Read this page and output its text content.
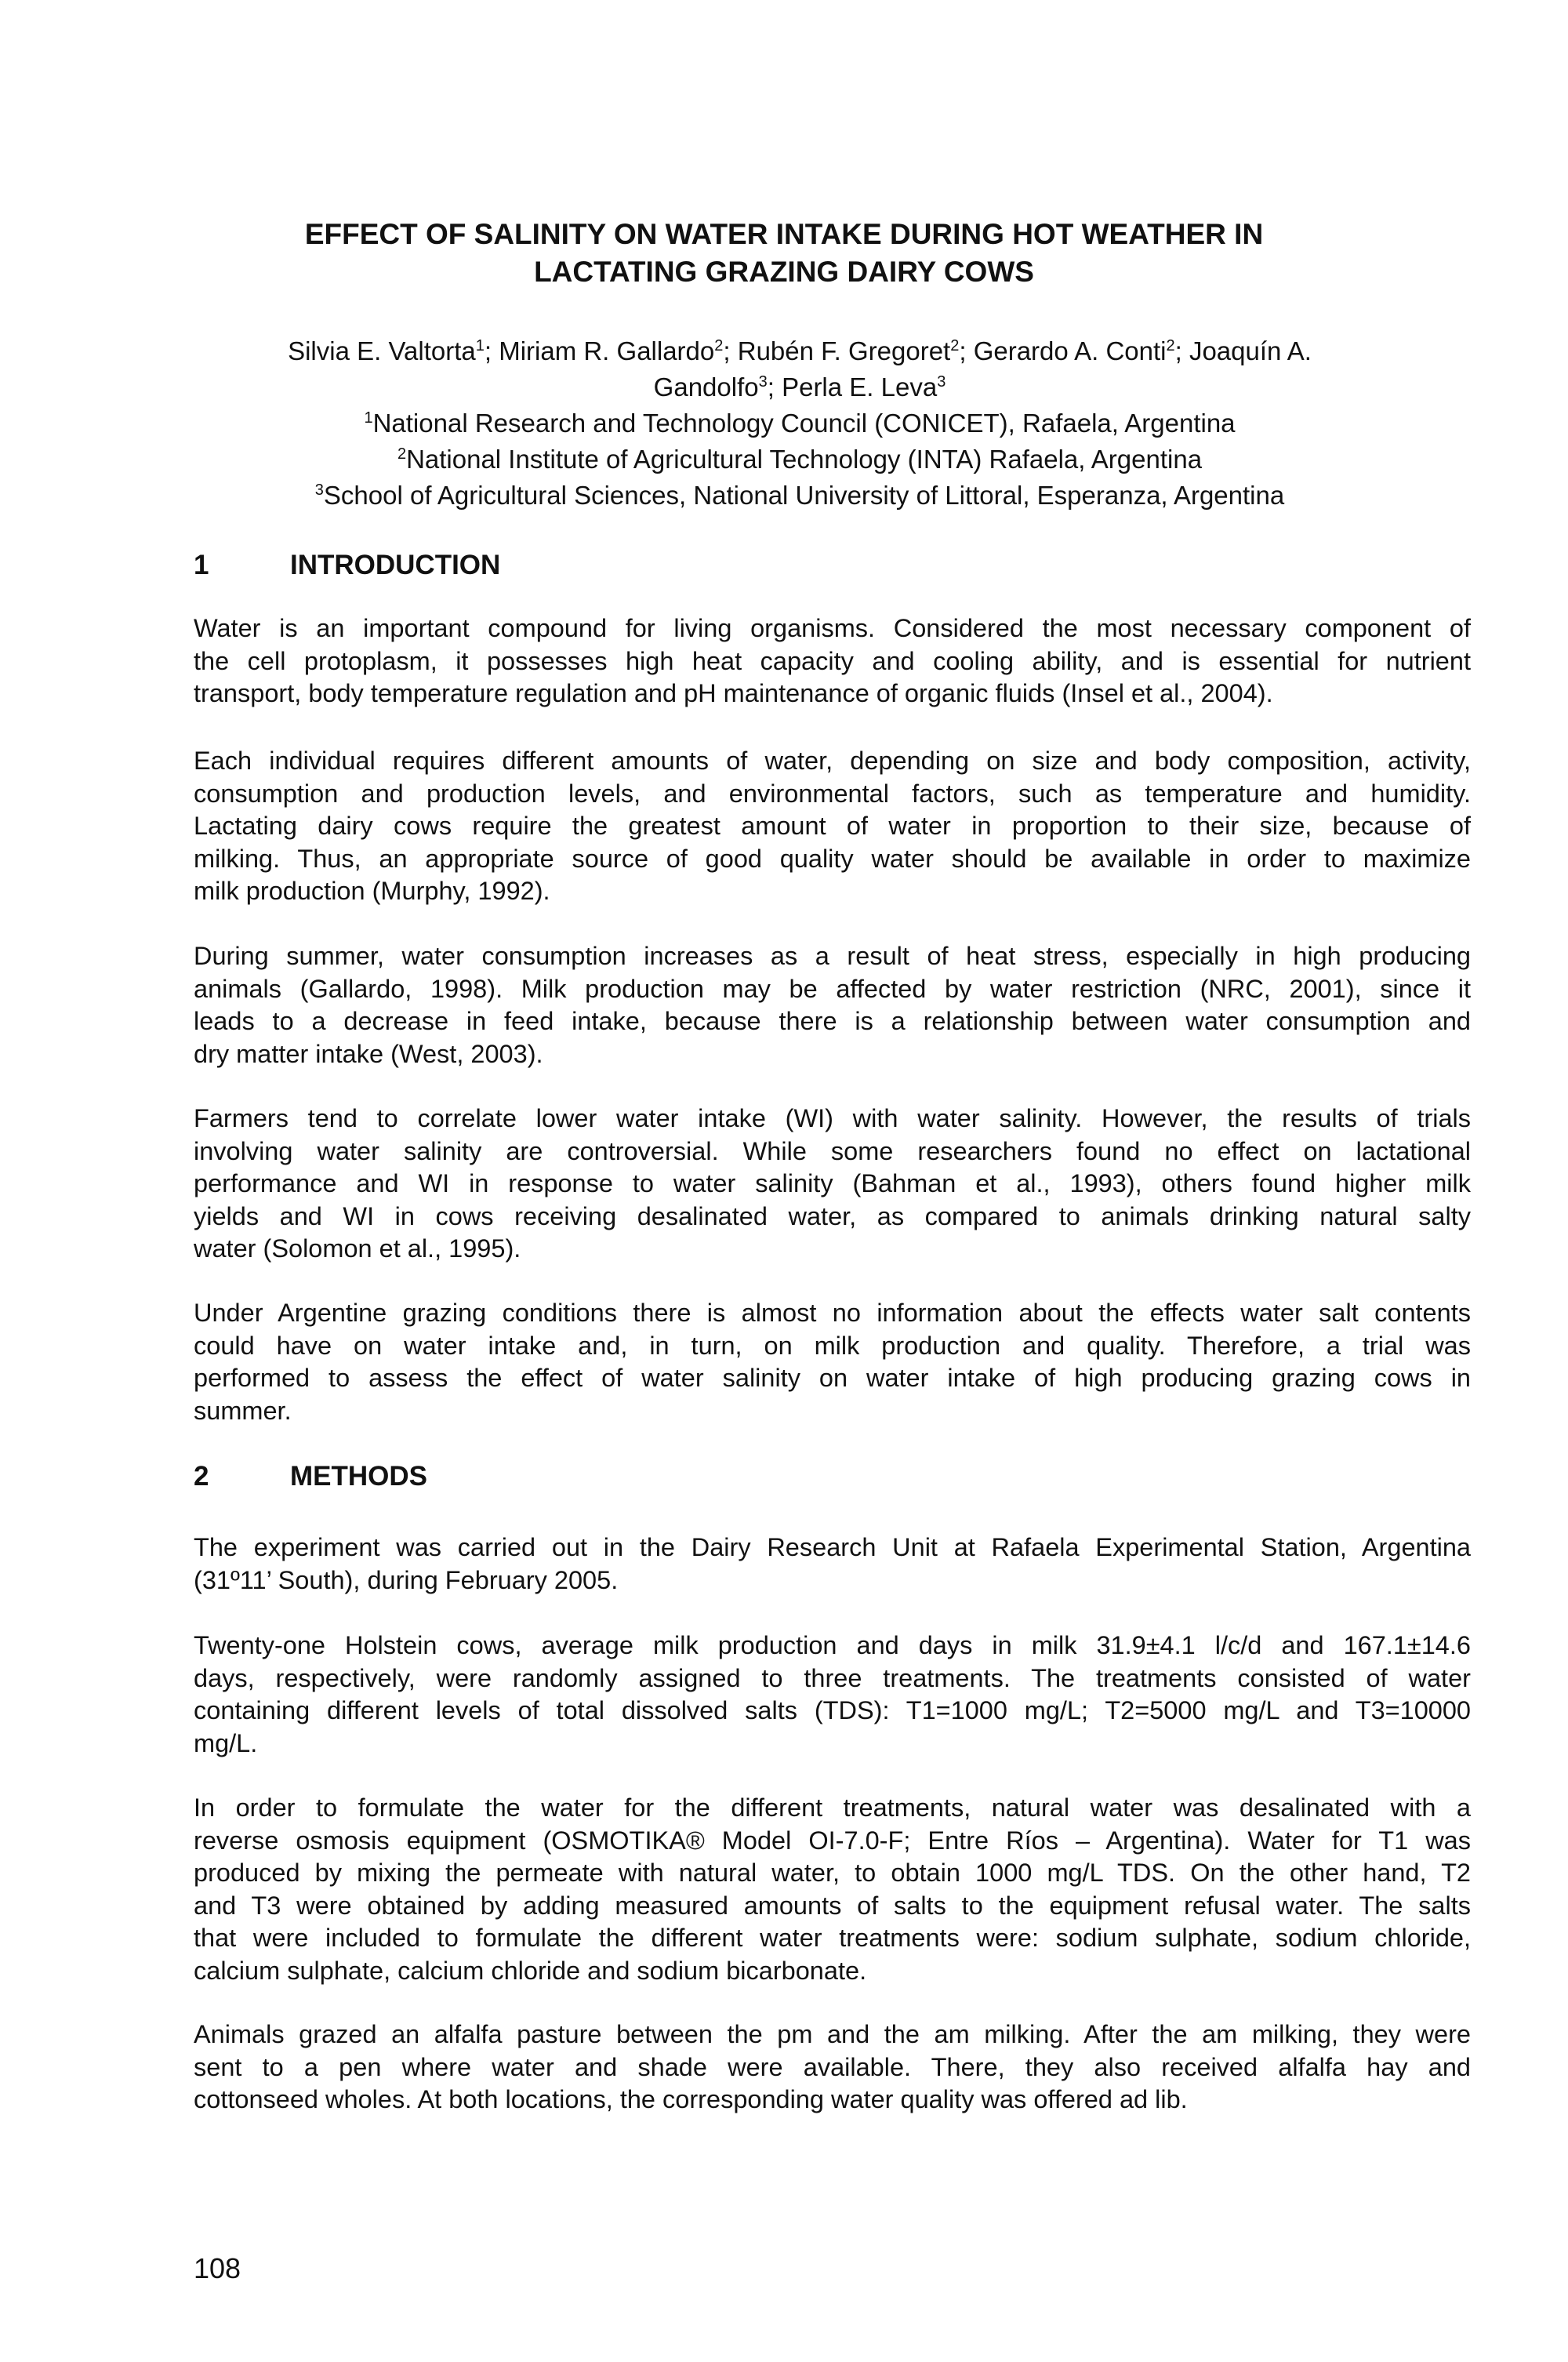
EFFECT OF SALINITY ON WATER INTAKE DURING HOT WEATHER IN
LACTATING GRAZING DAIRY COWS
Silvia E. Valtorta$^1$; Miriam R. Gallardo$^2$; Rubén F. Gregoret$^2$; Gerardo A. Conti$^2$; Joaquín A.
Gandolfo$^3$; Perla E. Leva$^3$
$^1$National Research and Technology Council (CONICET), Rafaela, Argentina
$^2$National Institute of Agricultural Technology (INTA) Rafaela, Argentina
$^3$School of Agricultural Sciences, National University of Littoral, Esperanza, Argentina
1	INTRODUCTION
Water is an important compound for living organisms. Considered the most necessary component of
the cell protoplasm, it possesses high heat capacity and cooling ability, and is essential for nutrient
transport, body temperature regulation and pH maintenance of organic fluids (Insel et al., 2004).
Each individual requires different amounts of water, depending on size and body composition, activity,
consumption and production levels, and environmental factors, such as temperature and humidity.
Lactating dairy cows require the greatest amount of water in proportion to their size, because of
milking. Thus, an appropriate source of good quality water should be available in order to maximize
milk production (Murphy, 1992).
During summer, water consumption increases as a result of heat stress, especially in high producing
animals (Gallardo, 1998). Milk production may be affected by water restriction (NRC, 2001), since it
leads to a decrease in feed intake, because there is a relationship between water consumption and
dry matter intake (West, 2003).
Farmers tend to correlate lower water intake (WI) with water salinity. However, the results of trials
involving water salinity are controversial. While some researchers found no effect on lactational
performance and WI in response to water salinity (Bahman et al., 1993), others found higher milk
yields and WI in cows receiving desalinated water, as compared to animals drinking natural salty
water (Solomon et al., 1995).
Under Argentine grazing conditions there is almost no information about the effects water salt contents
could have on water intake and, in turn, on milk production and quality. Therefore, a trial was
performed to assess the effect of water salinity on water intake of high producing grazing cows in
summer.
2	METHODS
The experiment was carried out in the Dairy Research Unit at Rafaela Experimental Station, Argentina
(31º11’ South), during February 2005.
Twenty-one Holstein cows, average milk production and days in milk 31.9±4.1 l/c/d and 167.1±14.6
days, respectively, were randomly assigned to three treatments. The treatments consisted of water
containing different levels of total dissolved salts (TDS): T1=1000 mg/L; T2=5000 mg/L and T3=10000
mg/L.
In order to formulate the water for the different treatments, natural water was desalinated with a
reverse osmosis equipment (OSMOTIKA® Model OI-7.0-F; Entre Ríos – Argentina). Water for T1 was
produced by mixing the permeate with natural water, to obtain 1000 mg/L TDS. On the other hand, T2
and T3 were obtained by adding measured amounts of salts to the equipment refusal water. The salts
that were included to formulate the different water treatments were: sodium sulphate, sodium chloride,
calcium sulphate, calcium chloride and sodium bicarbonate.
Animals grazed an alfalfa pasture between the pm and the am milking. After the am milking, they were
sent to a pen where water and shade were available. There, they also received alfalfa hay and
cottonseed wholes. At both locations, the corresponding water quality was offered ad lib.
108
